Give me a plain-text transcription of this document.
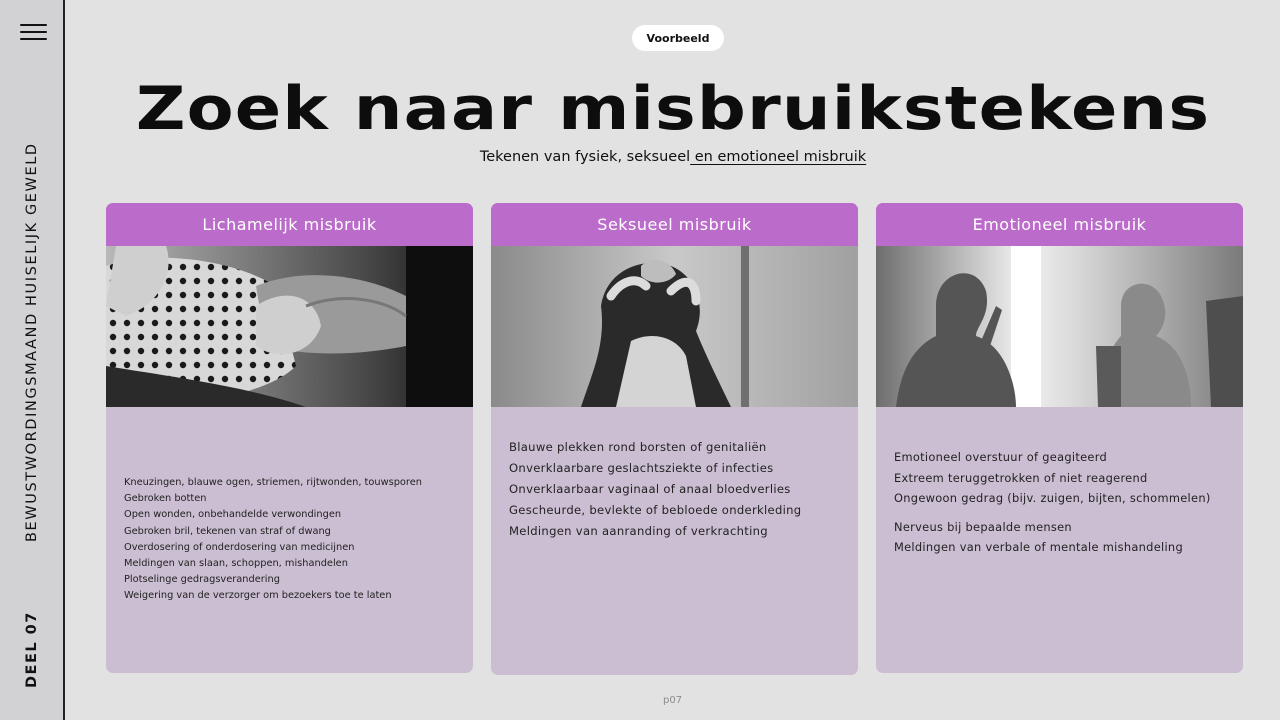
BEWUSTWORDINGSMAAND HUISELIJK GEWELD
DEEL 07
Voorbeeld
Zoek naar misbruikstekens
Tekenen van fysiek, seksueel en emotioneel misbruik
Lichamelijk misbruik
Kneuzingen, blauwe ogen, striemen, rijtwonden, touwsporen
Gebroken botten
Open wonden, onbehandelde verwondingen
Gebroken bril, tekenen van straf of dwang
Overdosering of onderdosering van medicijnen
Meldingen van slaan, schoppen, mishandelen
Plotselinge gedragsverandering
Weigering van de verzorger om bezoekers toe te laten
Seksueel misbruik
Blauwe plekken rond borsten of genitaliën
Onverklaarbare geslachtsziekte of infecties
Onverklaarbaar vaginaal of anaal bloedverlies
Gescheurde, bevlekte of bebloede onderkleding
Meldingen van aanranding of verkrachting
Emotioneel misbruik
Emotioneel overstuur of geagiteerd
Extreem teruggetrokken of niet reagerend
Ongewoon gedrag (bijv. zuigen, bijten, schommelen)
Nerveus bij bepaalde mensen
Meldingen van verbale of mentale mishandeling
p07
